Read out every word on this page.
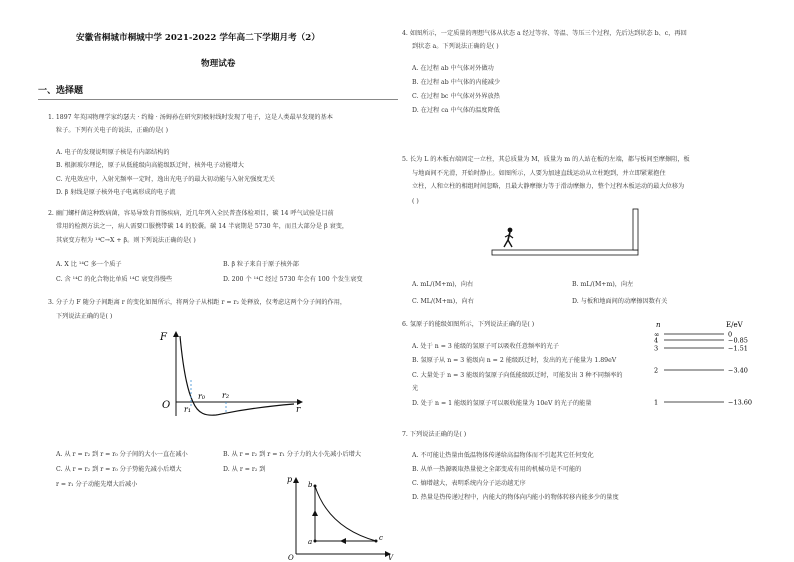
安徽省桐城市桐城中学 2021-2022 学年高二下学期月考（2）
物理试卷
一、选择题
1. 1897 年英国物理学家约瑟夫 · 约翰 · 汤姆孙在研究阴极射线时发现了电子，这是人类最早发现的基本
粒子。下列有关电子的说法，正确的是( )
A. 电子的发现说明原子核是有内部结构的
B. 根据玻尔理论，原子从低能级向高能级跃迁时，核外电子动能增大
C. 光电效应中，入射光频率一定时，逸出光电子的最大初动能与入射光强度无关
D. β 射线是原子核外电子电离形成的电子流
2. 幽门螺杆菌这种致病菌，容易导致肯胃肠疾病，近几年列入全民普查体检项目，碳 14 呼气试验是目前
常用的检测方法之一，病人需要口服携带碳 14 的胶囊。碳 14 半衰期是 5730 年，而且大部分是 β 衰变，
其衰变方程为 ¹⁴C→X + β。则下列说法正确的是( )
A. X 比 ¹⁴C 多一个质子	B. β 粒子来自于原子核外部
C. 含 ¹⁴C 的化合物比单质 ¹⁴C 衰变得慢些	D. 200 个 ¹⁴C 经过 5730 年会有 100 个发生衰变
3. 分子力 F 随分子间距离 r 的变化如图所示，将两分子从相距 r = r₂ 处释放，仅考虑这两个分子间的作用，
下列说法正确的是( )
F
O
r₀
r₁
r₂
r
A. 从 r = r₂ 到 r = r₀ 分子间的大小一直在减小	B. 从 r = r₂ 到 r = r₁ 分子力的大小先减小后增大
C. 从 r = r₂ 到 r = r₀ 分子势能先减小后增大	D. 从 r = r₂ 到
r = r₁ 分子动能先增大后减小
p
V
O
a
b
c
4. 如图所示，一定质量的理想气体从状态 a 经过等容、等温、等压三个过程，先后达到状态 b、c，再回
到状态 a。下列说法正确的是( )
A. 在过程 ab 中气体对外做功
B. 在过程 ab 中气体的内能减少
C. 在过程 bc 中气体对外界放热
D. 在过程 ca 中气体的温度降低
5. 长为 L 的木板右端固定一立柱，其总质量为 M，质量为 m 的人站在板的左端，都与板间至摩擦阻，板
与地面间不光滑，开始时静止。如图所示，人要为加速直线运动从立柱跑到，并立即紧紧抱住
立柱，人和立柱的相组时间忽略，且最大静摩擦力等于滑动摩擦力，整个过程木板运动的最大位移为
( )
A. mL/(M+m)，向右	B. mL/(M+m)，向左
C. ML/(M+m)，向右	D. 与板和地面间的动摩擦因数有关
6. 氢原子的能级如图所示，下列说法正确的是( )
A. 处于 n = 3 能级的氢原子可以吸收任意频率的光子
B. 氢原子从 n = 3 能级向 n = 2 能级跃迁时，发出的光子能量为 1.89eV
C. 大量处于 n = 3 能级的氢原子向低能级跃迁时，可能发出 3 种不同频率的
光
D. 处于 n = 1 能级的氢原子可以吸收能量为 10eV 的光子的能量
n	E/eV
∞	0
4	−0.85
3	−1.51
2	−3.40
1	−13.60
7. 下列说法正确的是( )
A. 不可能让热量由低温物体传递给高温物体而不引起其它任何变化
B. 从单一热源吸取热量使之全部变成有用的机械功是不可能的
C. 熵增越大，表明系统内分子运动越无序
D. 热量是热传递过程中，内能大的物体向内能小的物体转移内能多少的量度
